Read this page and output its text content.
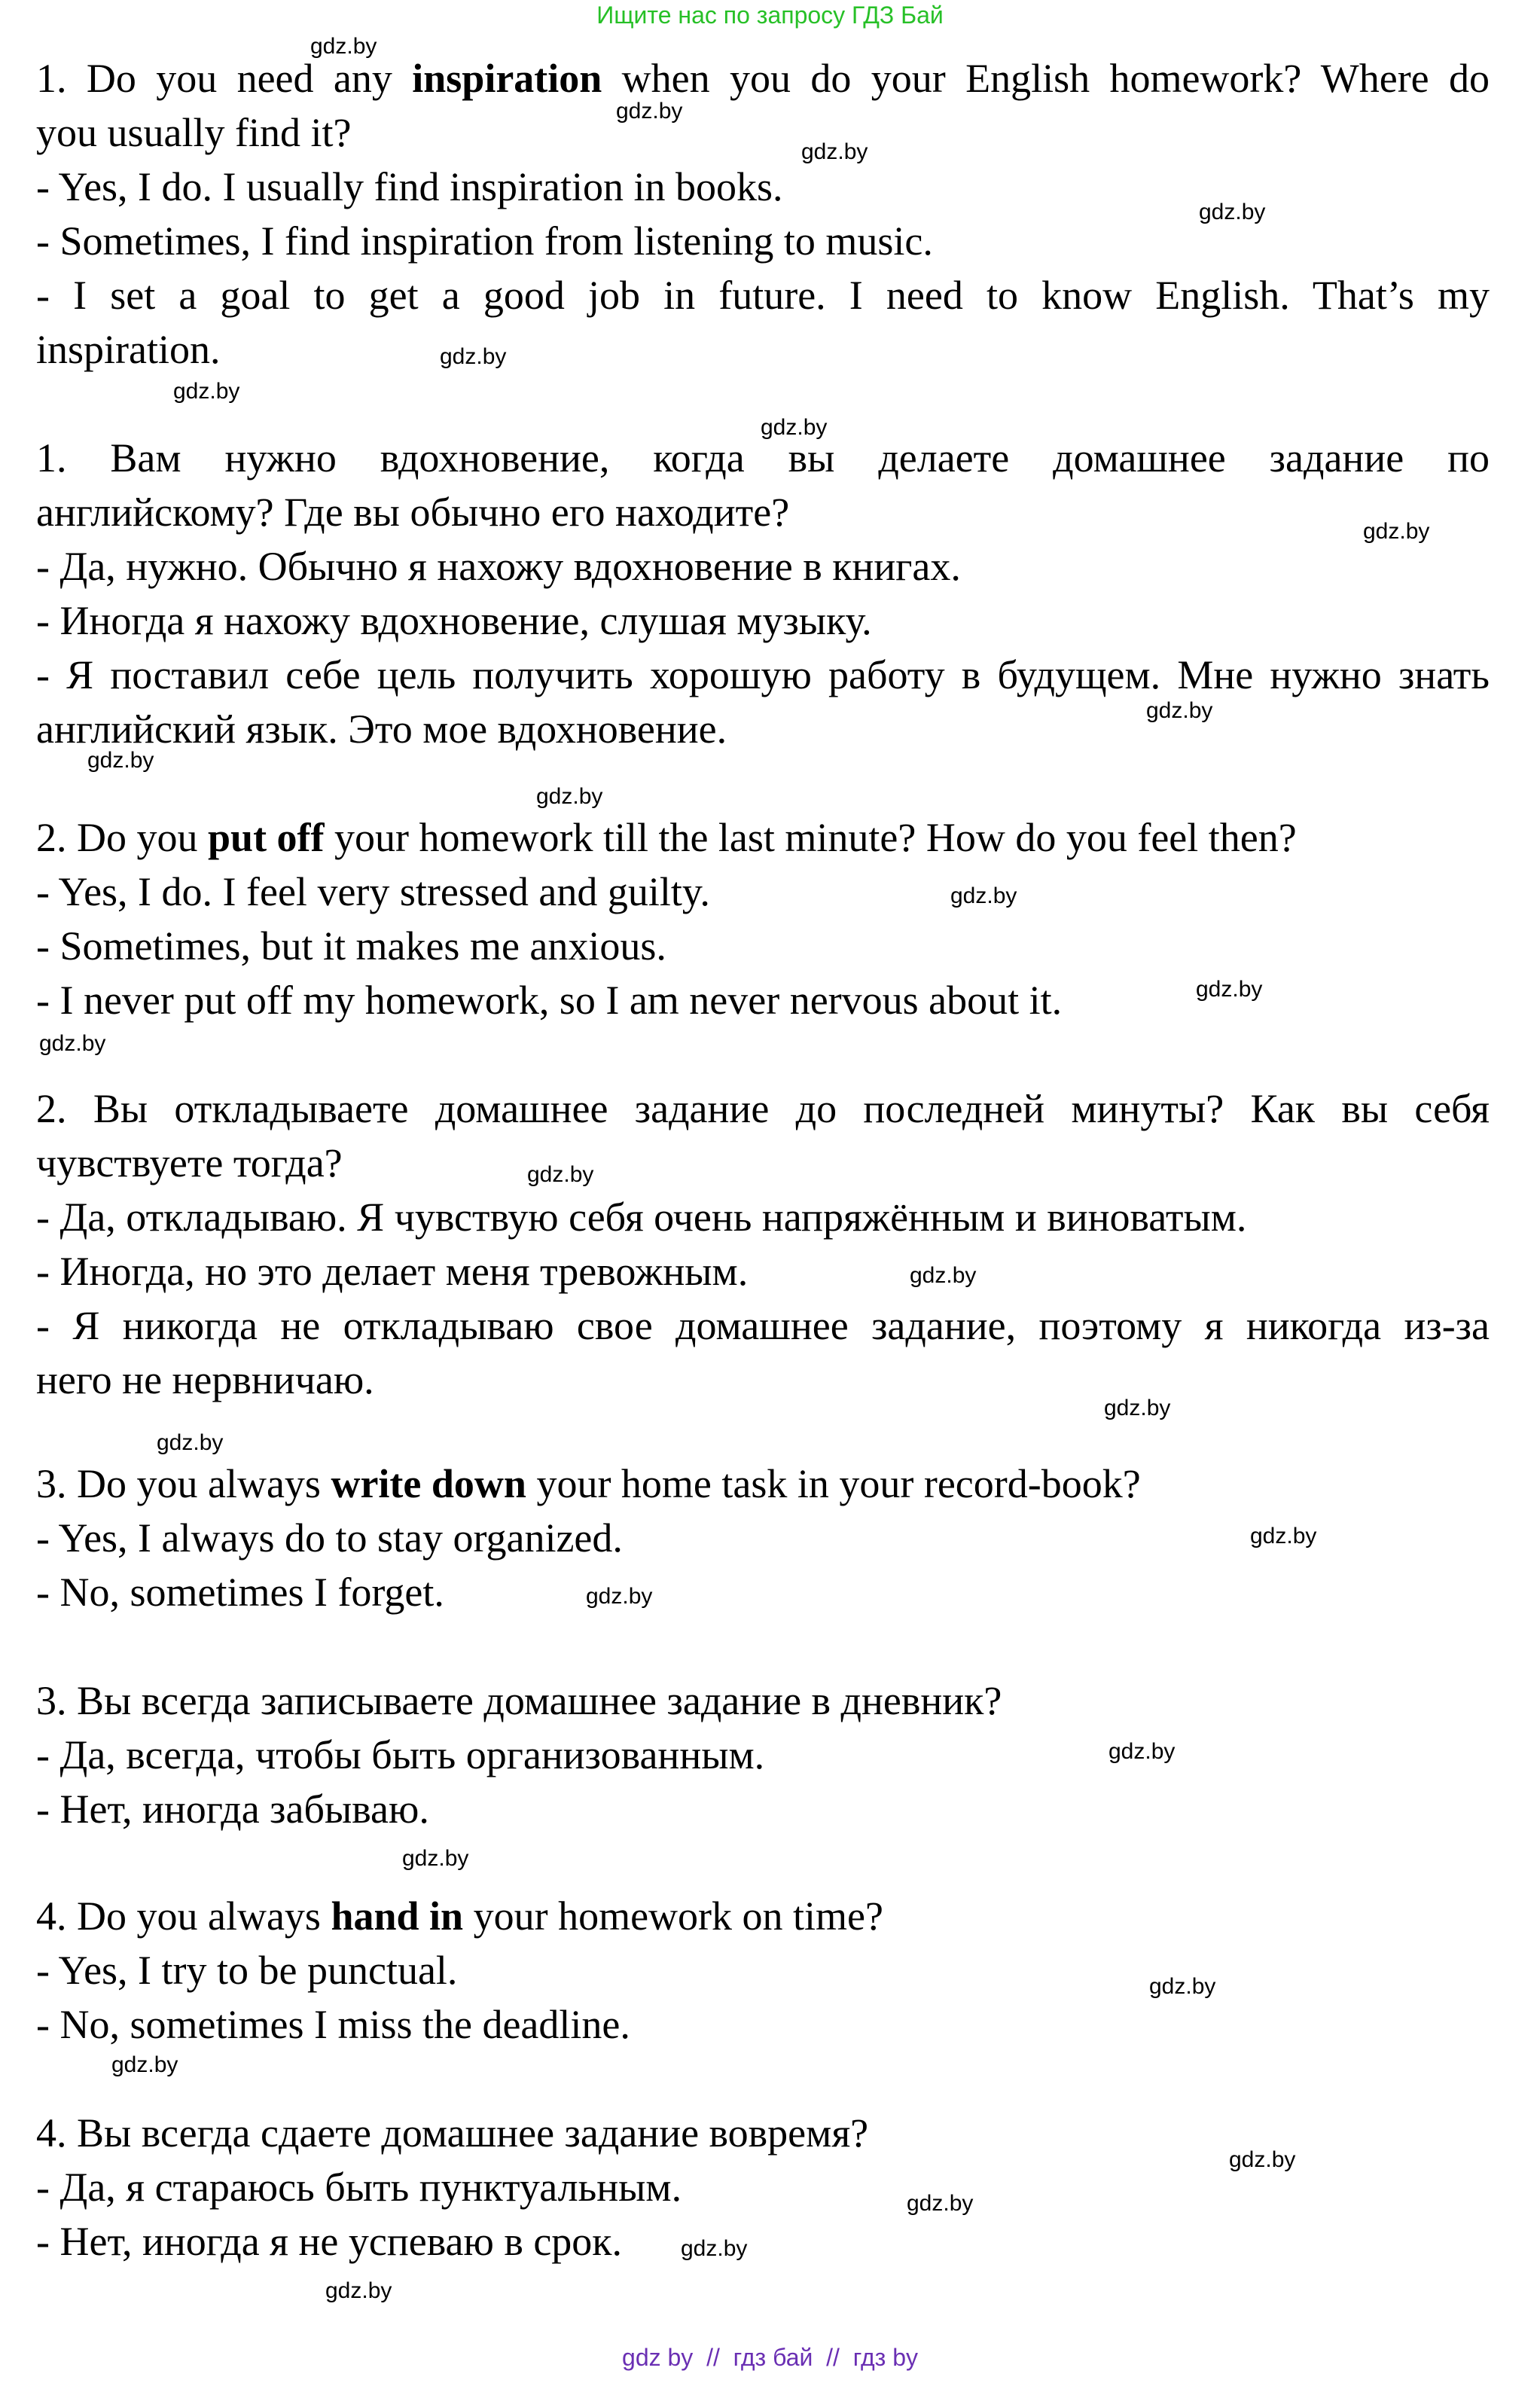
Ищите нас по запросу ГДЗ Бай
1. Do you need any inspiration when you do your English homework? Where do
you usually find it?
- Yes, I do. I usually find inspiration in books.
- Sometimes, I find inspiration from listening to music.
- I set a goal to get a good job in future. I need to know English. That’s my
inspiration.
1. Вам нужно вдохновение, когда вы делаете домашнее задание по
английскому? Где вы обычно его находите?
- Да, нужно. Обычно я нахожу вдохновение в книгах.
- Иногда я нахожу вдохновение, слушая музыку.
- Я поставил себе цель получить хорошую работу в будущем. Мне нужно знать
английский язык. Это мое вдохновение.
2. Do you put off your homework till the last minute? How do you feel then?
- Yes, I do. I feel very stressed and guilty.
- Sometimes, but it makes me anxious.
- I never put off my homework, so I am never nervous about it.
2. Вы откладываете домашнее задание до последней минуты? Как вы себя
чувствуете тогда?
- Да, откладываю. Я чувствую себя очень напряжённым и виноватым.
- Иногда, но это делает меня тревожным.
- Я никогда не откладываю свое домашнее задание, поэтому я никогда из-за
него не нервничаю.
3. Do you always write down your home task in your record-book?
- Yes, I always do to stay organized.
- No, sometimes I forget.
3. Вы всегда записываете домашнее задание в дневник?
- Да, всегда, чтобы быть организованным.
- Нет, иногда забываю.
4. Do you always hand in your homework on time?
- Yes, I try to be punctual.
- No, sometimes I miss the deadline.
4. Вы всегда сдаете домашнее задание вовремя?
- Да, я стараюсь быть пунктуальным.
- Нет, иногда я не успеваю в срок.
gdz.by
gdz.by
gdz.by
gdz.by
gdz.by
gdz.by
gdz.by
gdz.by
gdz.by
gdz.by
gdz.by
gdz.by
gdz.by
gdz.by
gdz.by
gdz.by
gdz.by
gdz.by
gdz.by
gdz.by
gdz.by
gdz.by
gdz.by
gdz.by
gdz.by
gdz.by
gdz.by
gdz.by
gdz by  //  гдз бай  //  гдз by
